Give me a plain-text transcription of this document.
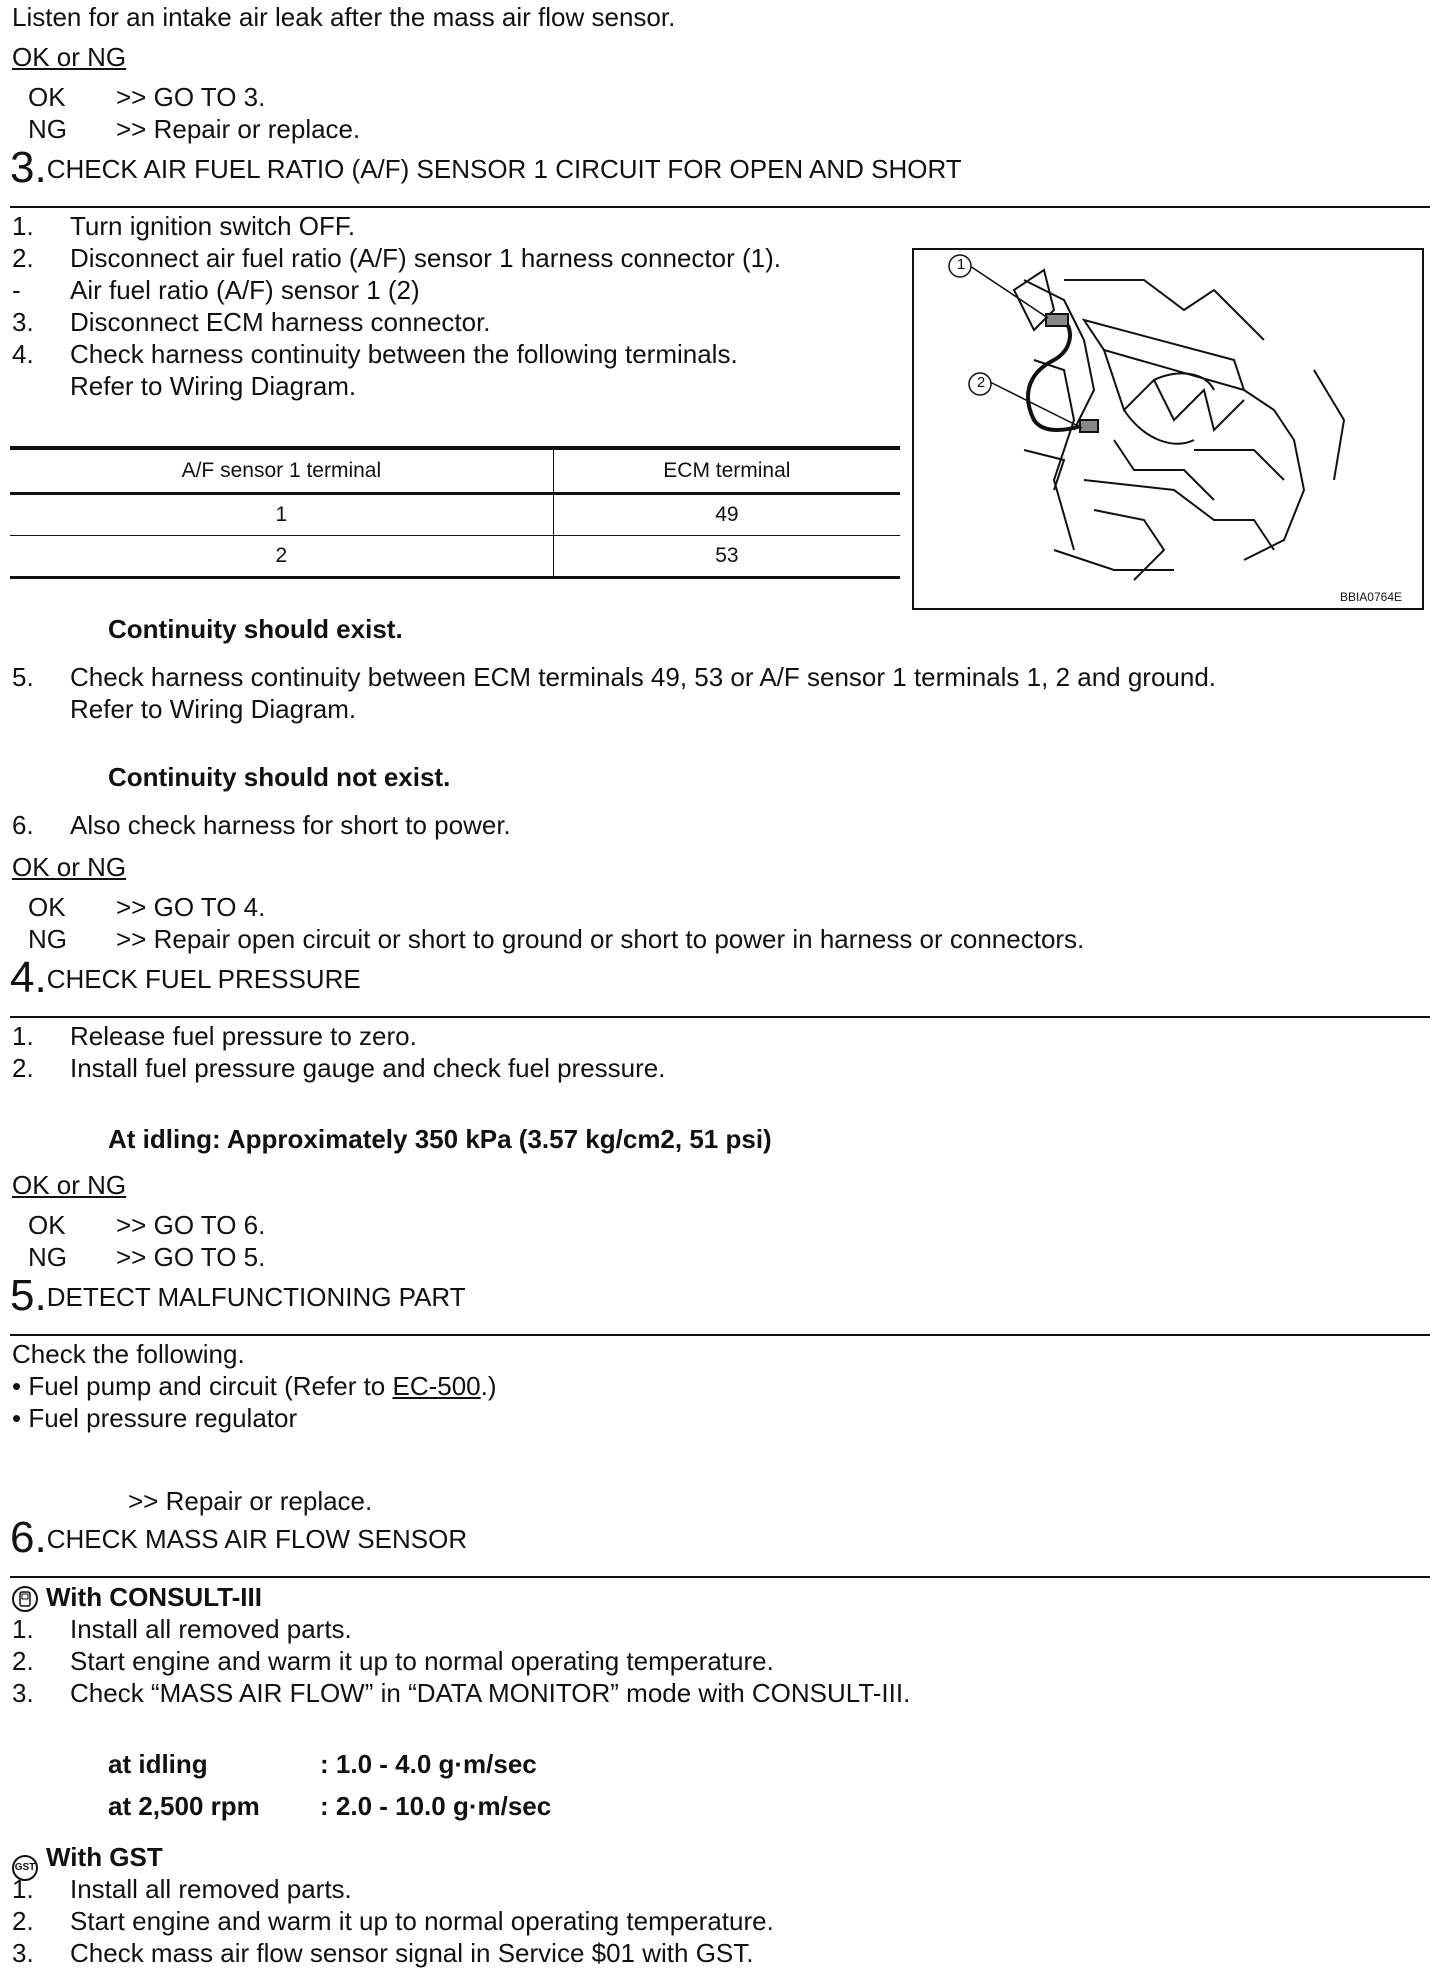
Listen for an intake air leak after the mass air flow sensor.
OK or NG
OK >> GO TO 3.
NG >> Repair or replace.
3.CHECK AIR FUEL RATIO (A/F) SENSOR 1 CIRCUIT FOR OPEN AND SHORT
1. Turn ignition switch OFF.
2. Disconnect air fuel ratio (A/F) sensor 1 harness connector (1).
- Air fuel ratio (A/F) sensor 1 (2)
3. Disconnect ECM harness connector.
4. Check harness continuity between the following terminals.
Refer to Wiring Diagram.
A/F sensor 1 terminal	ECM terminal
1	49
2	53
1
2
BBIA0764E
Continuity should exist.
5. Check harness continuity between ECM terminals 49, 53 or A/F sensor 1 terminals 1, 2 and ground.
Refer to Wiring Diagram.
Continuity should not exist.
6. Also check harness for short to power.
OK or NG
OK >> GO TO 4.
NG >> Repair open circuit or short to ground or short to power in harness or connectors.
4.CHECK FUEL PRESSURE
1. Release fuel pressure to zero.
2. Install fuel pressure gauge and check fuel pressure.
At idling: Approximately 350 kPa (3.57 kg/cm2, 51 psi)
OK or NG
OK >> GO TO 6.
NG >> GO TO 5.
5.DETECT MALFUNCTIONING PART
Check the following.
• Fuel pump and circuit (Refer to EC-500.)
• Fuel pressure regulator
>> Repair or replace.
6.CHECK MASS AIR FLOW SENSOR
With CONSULT-III
1. Install all removed parts.
2. Start engine and warm it up to normal operating temperature.
3. Check “MASS AIR FLOW” in “DATA MONITOR” mode with CONSULT-III.
at idling	: 1.0 - 4.0 g·m/sec
at 2,500 rpm : 2.0 - 10.0 g·m/sec
GST With GST
1. Install all removed parts.
2. Start engine and warm it up to normal operating temperature.
3. Check mass air flow sensor signal in Service $01 with GST.
